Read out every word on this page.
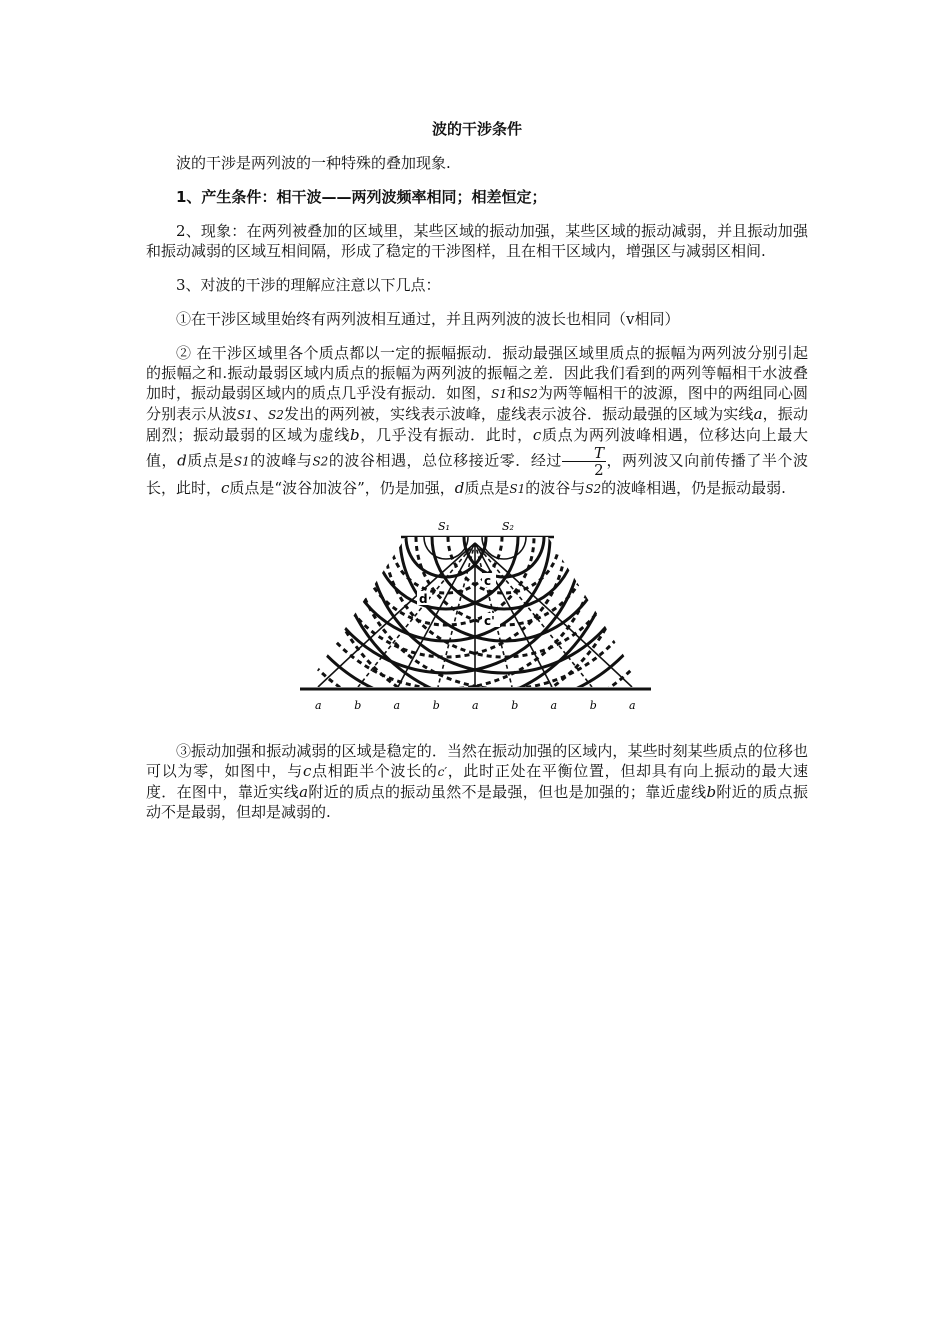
波的干涉条件

波的干涉是两列波的一种特殊的叠加现象.

1、产生条件：相干波——两列波频率相同；相差恒定；

2、现象：在两列被叠加的区域里，某些区域的振动加强，某些区域的振动减弱，并且振动加强和振动减弱的区域互相间隔，形成了稳定的干涉图样，且在相干区域内，增强区与减弱区相间.

3、对波的干涉的理解应注意以下几点：

①在干涉区域里始终有两列波相互通过，并且两列波的波长也相同（v相同）

② 在干涉区域里各个质点都以一定的振幅振动．振动最强区域里质点的振幅为两列波分别引起的振幅之和.振动最弱区域内质点的振幅为两列波的振幅之差．因此我们看到的两列等幅相干水波叠加时，振动最弱区域内的质点几乎没有振动．如图，S1和S2为两等幅相干的波源，图中的两组同心圆分别表示从波S1、S2发出的两列被，实线表示波峰，虚线表示波谷．振动最强的区域为实线a，振动剧烈；振动最弱的区域为虚线b，几乎没有振动．此时，c质点为两列波峰相遇，位移达向上最大值，d质点是S1的波峰与S2的波谷相遇，总位移接近零．经过 $\frac{T}{2}$ ，两列波又向前传播了半个波长，此时，c质点是“波谷加波谷”，仍是加强，d质点是S1的波谷与S2的波峰相遇，仍是振动最弱.

S₁	S₂
c
c'
d
a	b	a	b	a	b	a	b	a

③振动加强和振动减弱的区域是稳定的．当然在振动加强的区域内，某些时刻某些质点的位移也可以为零，如图中，与c点相距半个波长的c′，此时正处在平衡位置，但却具有向上振动的最大速度．在图中，靠近实线a附近的质点的振动虽然不是最强，但也是加强的；靠近虚线b附近的质点振动不是最弱，但却是减弱的.
